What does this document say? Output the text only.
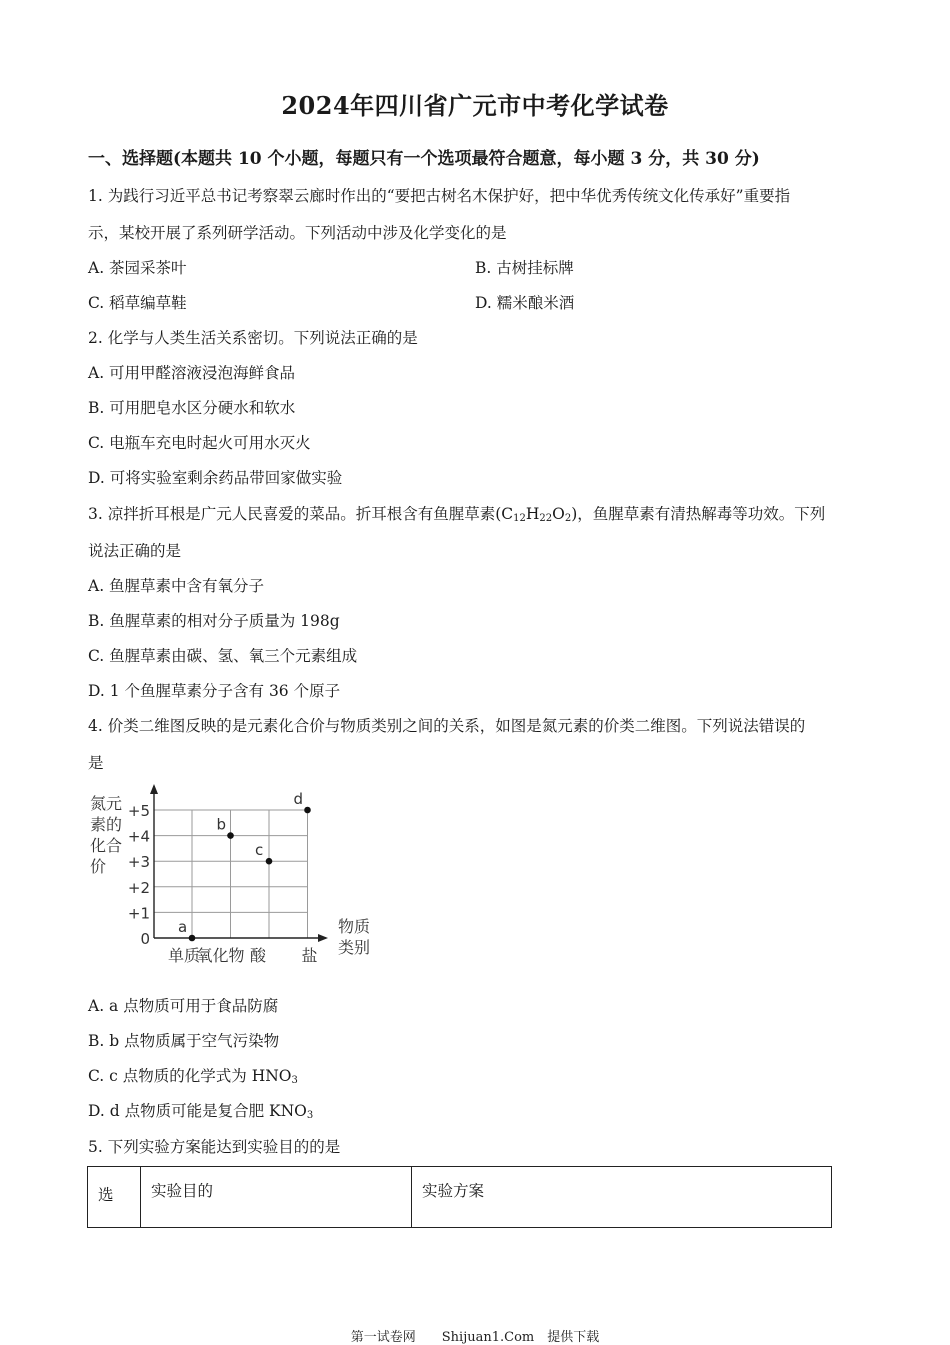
2024年四川省广元市中考化学试卷
一、选择题(本题共 10 个小题，每题只有一个选项最符合题意，每小题 3 分，共 30 分)
1. 为践行习近平总书记考察翠云廊时作出的“要把古树名木保护好，把中华优秀传统文化传承好”重要指
示，某校开展了系列研学活动。下列活动中涉及化学变化的是
A. 茶园采茶叶	B. 古树挂标牌
C. 稻草编草鞋	D. 糯米酿米酒
2. 化学与人类生活关系密切。下列说法正确的是
A. 可用甲醛溶液浸泡海鲜食品
B. 可用肥皂水区分硬水和软水
C. 电瓶车充电时起火可用水灭火
D. 可将实验室剩余药品带回家做实验
3. 凉拌折耳根是广元人民喜爱的菜品。折耳根含有鱼腥草素$(C_{12}H_{22}O_2)$，鱼腥草素有清热解毒等功效。下列
说法正确的是
A. 鱼腥草素中含有氧分子
B. 鱼腥草素的相对分子质量为 198g
C. 鱼腥草素由碳、氢、氧三个元素组成
D. 1 个鱼腥草素分子含有 36 个原子
4. 价类二维图反映的是元素化合价与物质类别之间的关系，如图是氮元素的价类二维图。下列说法错误的
是
0
+1
+2
+3
+4
+5
氮元
素的
化合
价
物质
类别
单质
氧化物 酸 盐
a
b
c
d
A. a 点物质可用于食品防腐
B. b 点物质属于空气污染物
C. c 点物质的化学式为 $HNO_3$
D. d 点物质可能是复合肥 $KNO_3$
5. 下列实验方案能达到实验目的的是
选	实验目的	实验方案
第一试卷网　　Shijuan1.Com　提供下载
